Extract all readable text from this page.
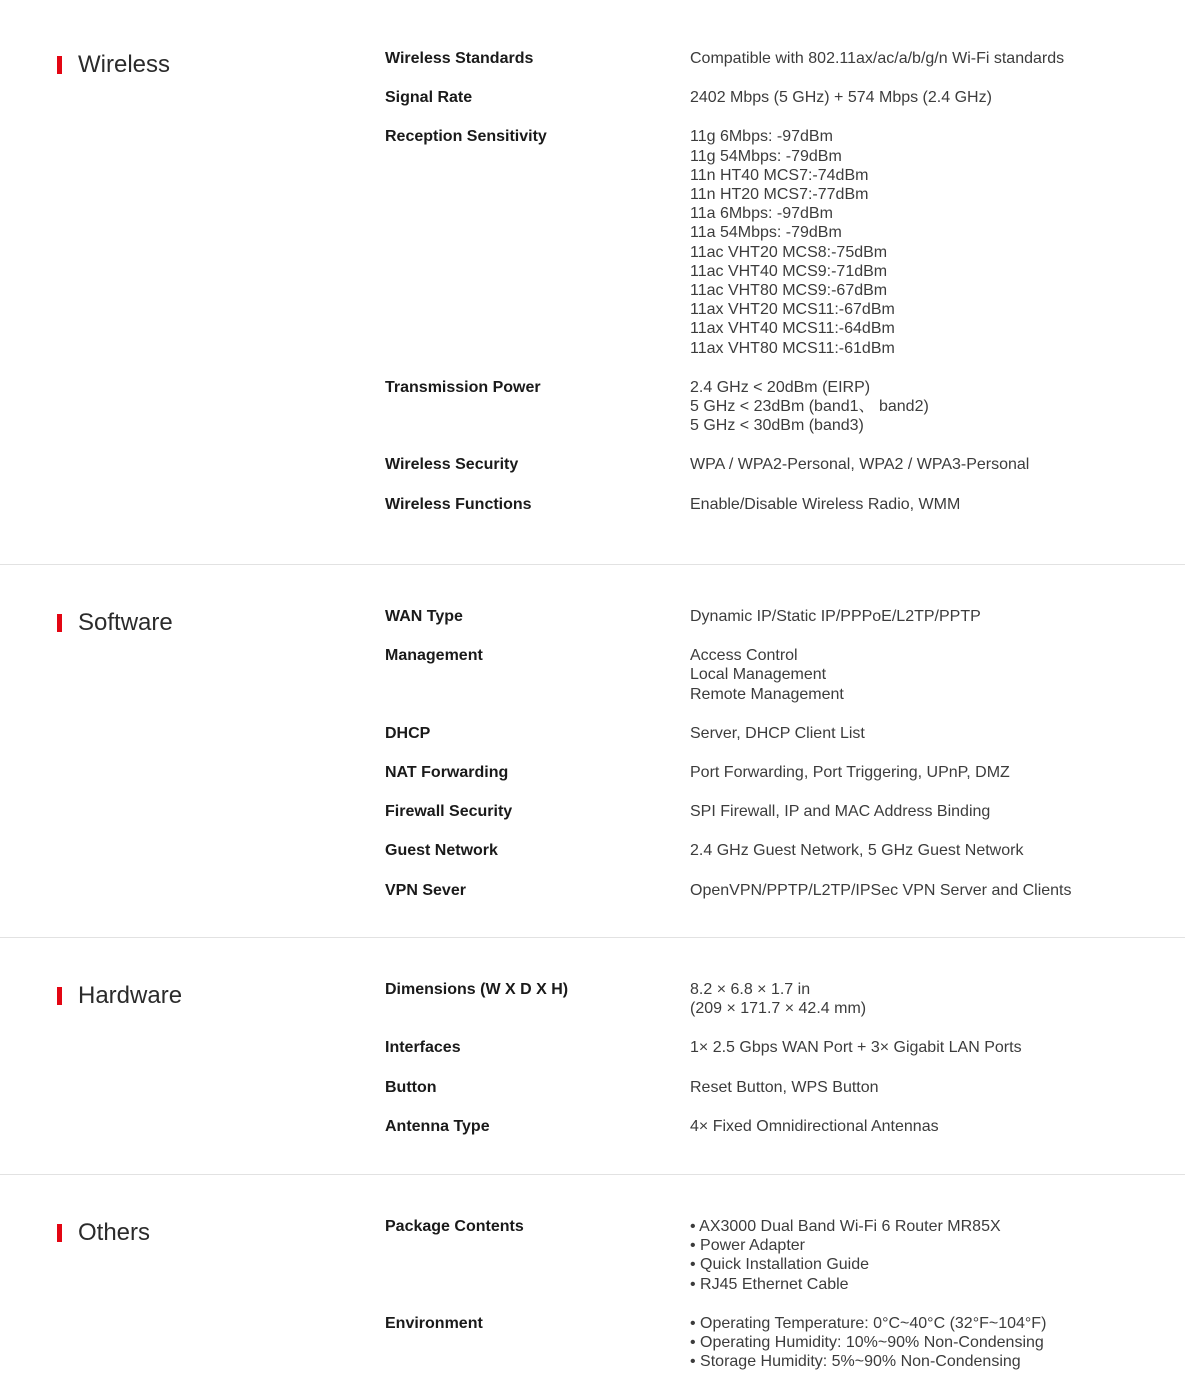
Wireless	Wireless Standards	Compatible with 802.11ax/ac/a/b/g/n Wi-Fi standards
Signal Rate	2402 Mbps (5 GHz) + 574 Mbps (2.4 GHz)
Reception Sensitivity	11g 6Mbps: -97dBm
11g 54Mbps: -79dBm
11n HT40 MCS7:-74dBm
11n HT20 MCS7:-77dBm
11a 6Mbps: -97dBm
11a 54Mbps: -79dBm
11ac VHT20 MCS8:-75dBm
11ac VHT40 MCS9:-71dBm
11ac VHT80 MCS9:-67dBm
11ax VHT20 MCS11:-67dBm
11ax VHT40 MCS11:-64dBm
11ax VHT80 MCS11:-61dBm
Transmission Power	2.4 GHz < 20dBm (EIRP)
5 GHz < 23dBm (band1、 band2)
5 GHz < 30dBm (band3)
Wireless Security	WPA / WPA2-Personal, WPA2 / WPA3-Personal
Wireless Functions	Enable/Disable Wireless Radio, WMM
Software	WAN Type	Dynamic IP/Static IP/PPPoE/L2TP/PPTP
Management	Access Control
Local Management
Remote Management
DHCP	Server, DHCP Client List
NAT Forwarding	Port Forwarding, Port Triggering, UPnP, DMZ
Firewall Security	SPI Firewall, IP and MAC Address Binding
Guest Network	2.4 GHz Guest Network, 5 GHz Guest Network
VPN Sever	OpenVPN/PPTP/L2TP/IPSec VPN Server and Clients
Hardware	Dimensions (W X D X H)	8.2 × 6.8 × 1.7 in
(209 × 171.7 × 42.4 mm)
Interfaces	1× 2.5 Gbps WAN Port + 3× Gigabit LAN Ports
Button	Reset Button, WPS Button
Antenna Type	4× Fixed Omnidirectional Antennas
Others	Package Contents	• AX3000 Dual Band Wi-Fi 6 Router MR85X
• Power Adapter
• Quick Installation Guide
• RJ45 Ethernet Cable
Environment	• Operating Temperature: 0°C~40°C (32°F~104°F)
• Operating Humidity: 10%~90% Non-Condensing
• Storage Humidity: 5%~90% Non-Condensing
